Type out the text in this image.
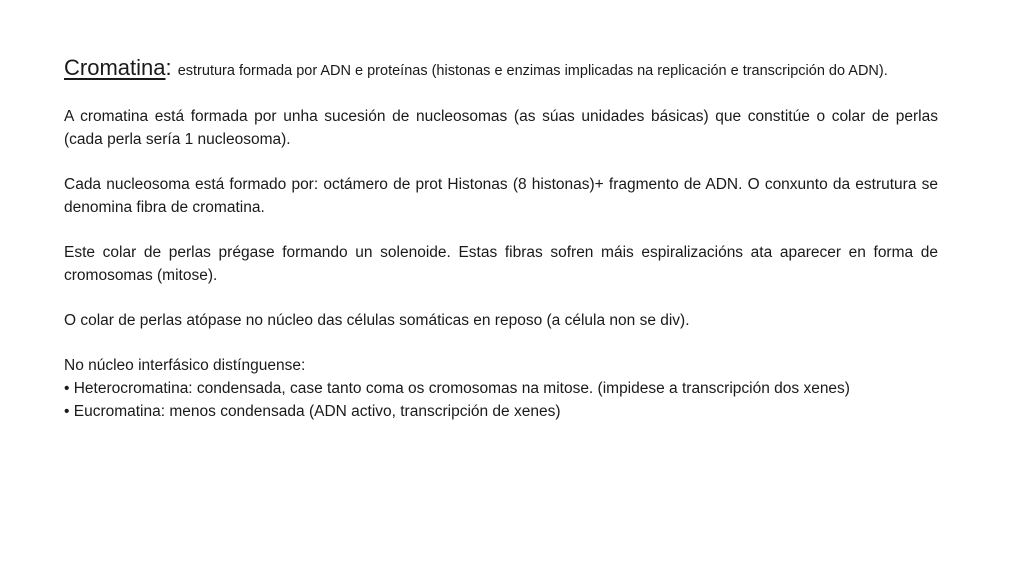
Cromatina: estrutura formada por ADN e proteínas (histonas e enzimas implicadas na replicación e transcripción do ADN).

A cromatina está formada por unha sucesión de nucleosomas (as súas unidades básicas) que constitúe o colar de perlas (cada perla sería 1 nucleosoma).

Cada nucleosoma está formado por: octámero de prot Histonas (8 histonas)+ fragmento de ADN. O conxunto da estrutura se denomina fibra de cromatina.

Este colar de perlas prégase formando un solenoide. Estas fibras sofren máis espiralizacións ata aparecer en forma de cromosomas (mitose).

O colar de perlas atópase no núcleo das células somáticas en reposo (a célula non se div).

No núcleo interfásico distínguense:

• Heterocromatina: condensada, case tanto coma os cromosomas na mitose. (impidese a transcripción dos xenes)

• Eucromatina: menos condensada (ADN activo, transcripción de xenes)
